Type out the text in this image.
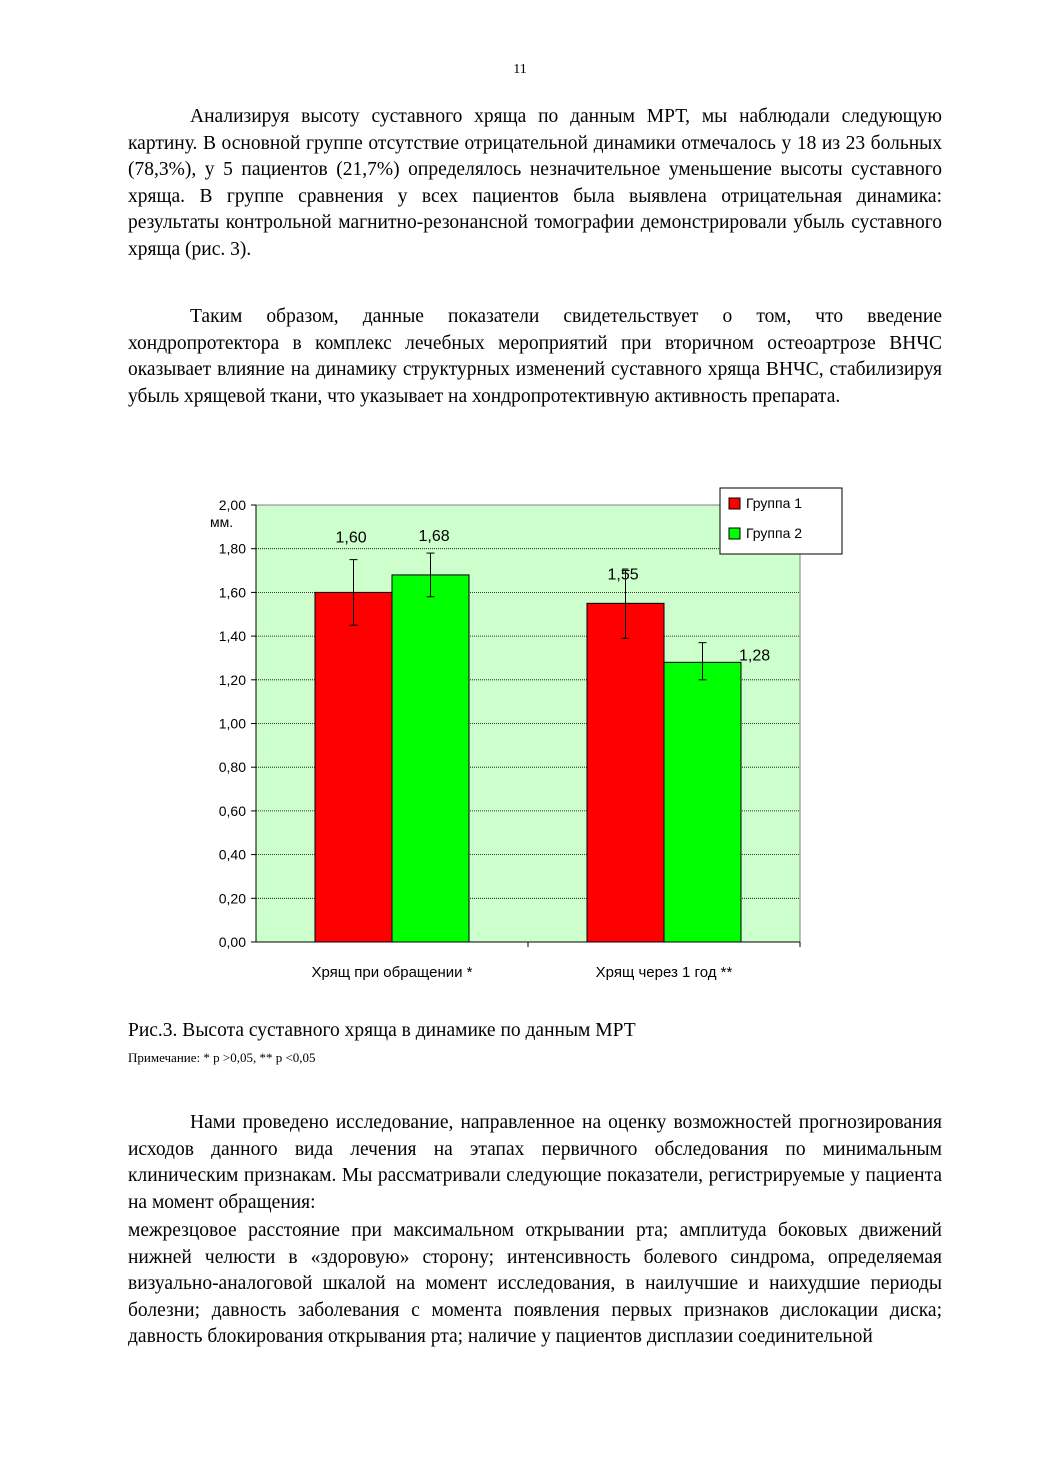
11

Анализируя высоту суставного хряща по данным МРТ, мы наблюдали следующую картину. В основной группе отсутствие отрицательной динамики отмечалось у 18 из 23 больных (78,3%), у 5 пациентов (21,7%) определялось незначительное уменьшение высоты суставного хряща. В группе сравнения у всех пациентов была выявлена отрицательная динамика: результаты контрольной магнитно-резонансной томографии демонстрировали убыль суставного хряща (рис. 3).

Таким образом, данные показатели свидетельствует о том, что введение хондропротектора в комплекс лечебных мероприятий при вторичном остеоартрозе ВНЧС оказывает влияние на динамику структурных изменений суставного хряща ВНЧС, стабилизируя убыль хрящевой ткани, что указывает на хондропротективную активность препарата.

0,00
0,20
0,40
0,60
0,80
1,00
1,20
1,40
1,60
1,80
2,00
мм.
Хрящ при обращении *
1,60	1,68
Хрящ через 1 год **
1,55
1,28
Группа 1
Группа 2
Рис.3. Высота суставного хряща в динамике по данным МРТ
Примечание: * р >0,05, ** р <0,05

Нами проведено исследование, направленное на оценку возможностей прогнозирования исходов данного вида лечения на этапах первичного обследования по минимальным клиническим признакам. Мы рассматривали следующие показатели, регистрируемые у пациента на момент обращения:

межрезцовое расстояние при максимальном открывании рта; амплитуда боковых движений нижней челюсти в «здоровую» сторону; интенсивность болевого синдрома, определяемая визуально-аналоговой шкалой на момент исследования, в наилучшие и наихудшие периоды болезни; давность заболевания с момента появления первых признаков дислокации диска; давность блокирования открывания рта; наличие у пациентов дисплазии соединительной
